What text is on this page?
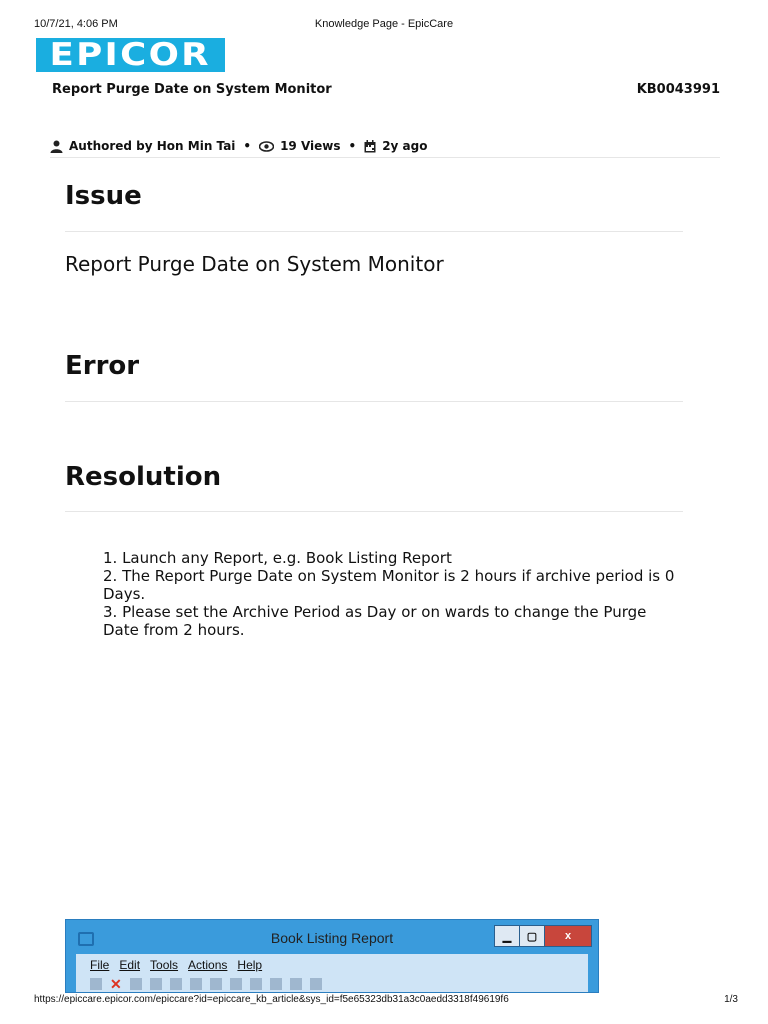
10/7/21, 4:06 PM	Knowledge Page - EpicCare
EPICOR
Report Purge Date on System Monitor	KB0043991
Authored by Hon Min Tai • 19 Views • 2y ago
Issue
Report Purge Date on System Monitor
Error
Resolution

1. Launch any Report, e.g. Book Listing Report

2. The Report Purge Date on System Monitor is 2 hours if archive period is 0 Days.

3. Please set the Archive Period as Day or on wards to change the Purge Date from 2 hours.

Book Listing Report	▁	▢	x
File Edit Tools Actions Help
✕
https://epiccare.epicor.com/epiccare?id=epiccare_kb_article&sys_id=f5e65323db31a3c0aedd3318f49619f6	1/3
